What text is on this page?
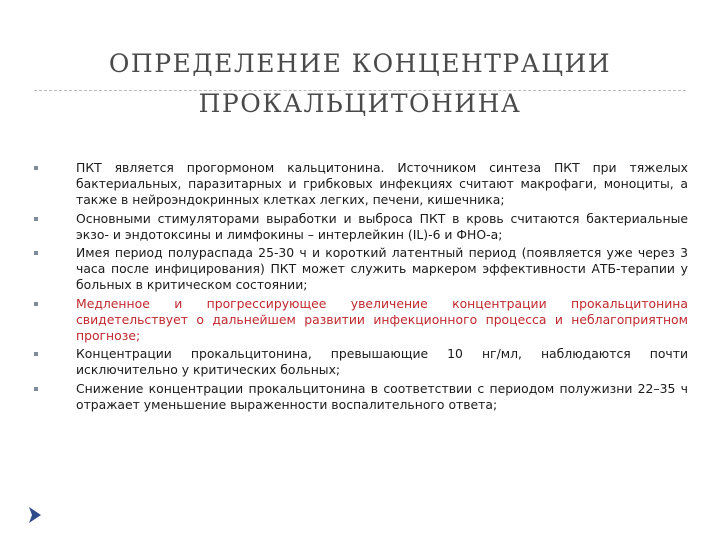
ОПРЕДЕЛЕНИЕ КОНЦЕНТРАЦИИ
ПРОКАЛЬЦИТОНИНА
ПКТ является прогормоном кальцитонина. Источником синтеза ПКТ при тяжелых бактериальных, паразитарных и грибковых инфекциях считают макрофаги, моноциты, а также в нейроэндокринных клетках легких, печени, кишечника;
Основными стимуляторами выработки и выброса ПКТ в кровь считаются бактериальные экзо- и эндотоксины и лимфокины – интерлейкин (IL)-6 и ФНО-а;
Имея период полураспада 25-30 ч и короткий латентный период (появляется уже через 3 часа после инфицирования) ПКТ может служить маркером эффективности АТБ-терапии у больных в критическом состоянии;
Медленное и прогрессирующее увеличение концентрации прокальцитонина свидетельствует о дальнейшем развитии инфекционного процесса и неблагоприятном прогнозе;
Концентрации прокальцитонина, превышающие 10 нг/мл, наблюдаются почти исключительно у критических больных;
Снижение концентрации прокальцитонина в соответствии с периодом полужизни 22–35 ч отражает уменьшение выраженности воспалительного ответа;
